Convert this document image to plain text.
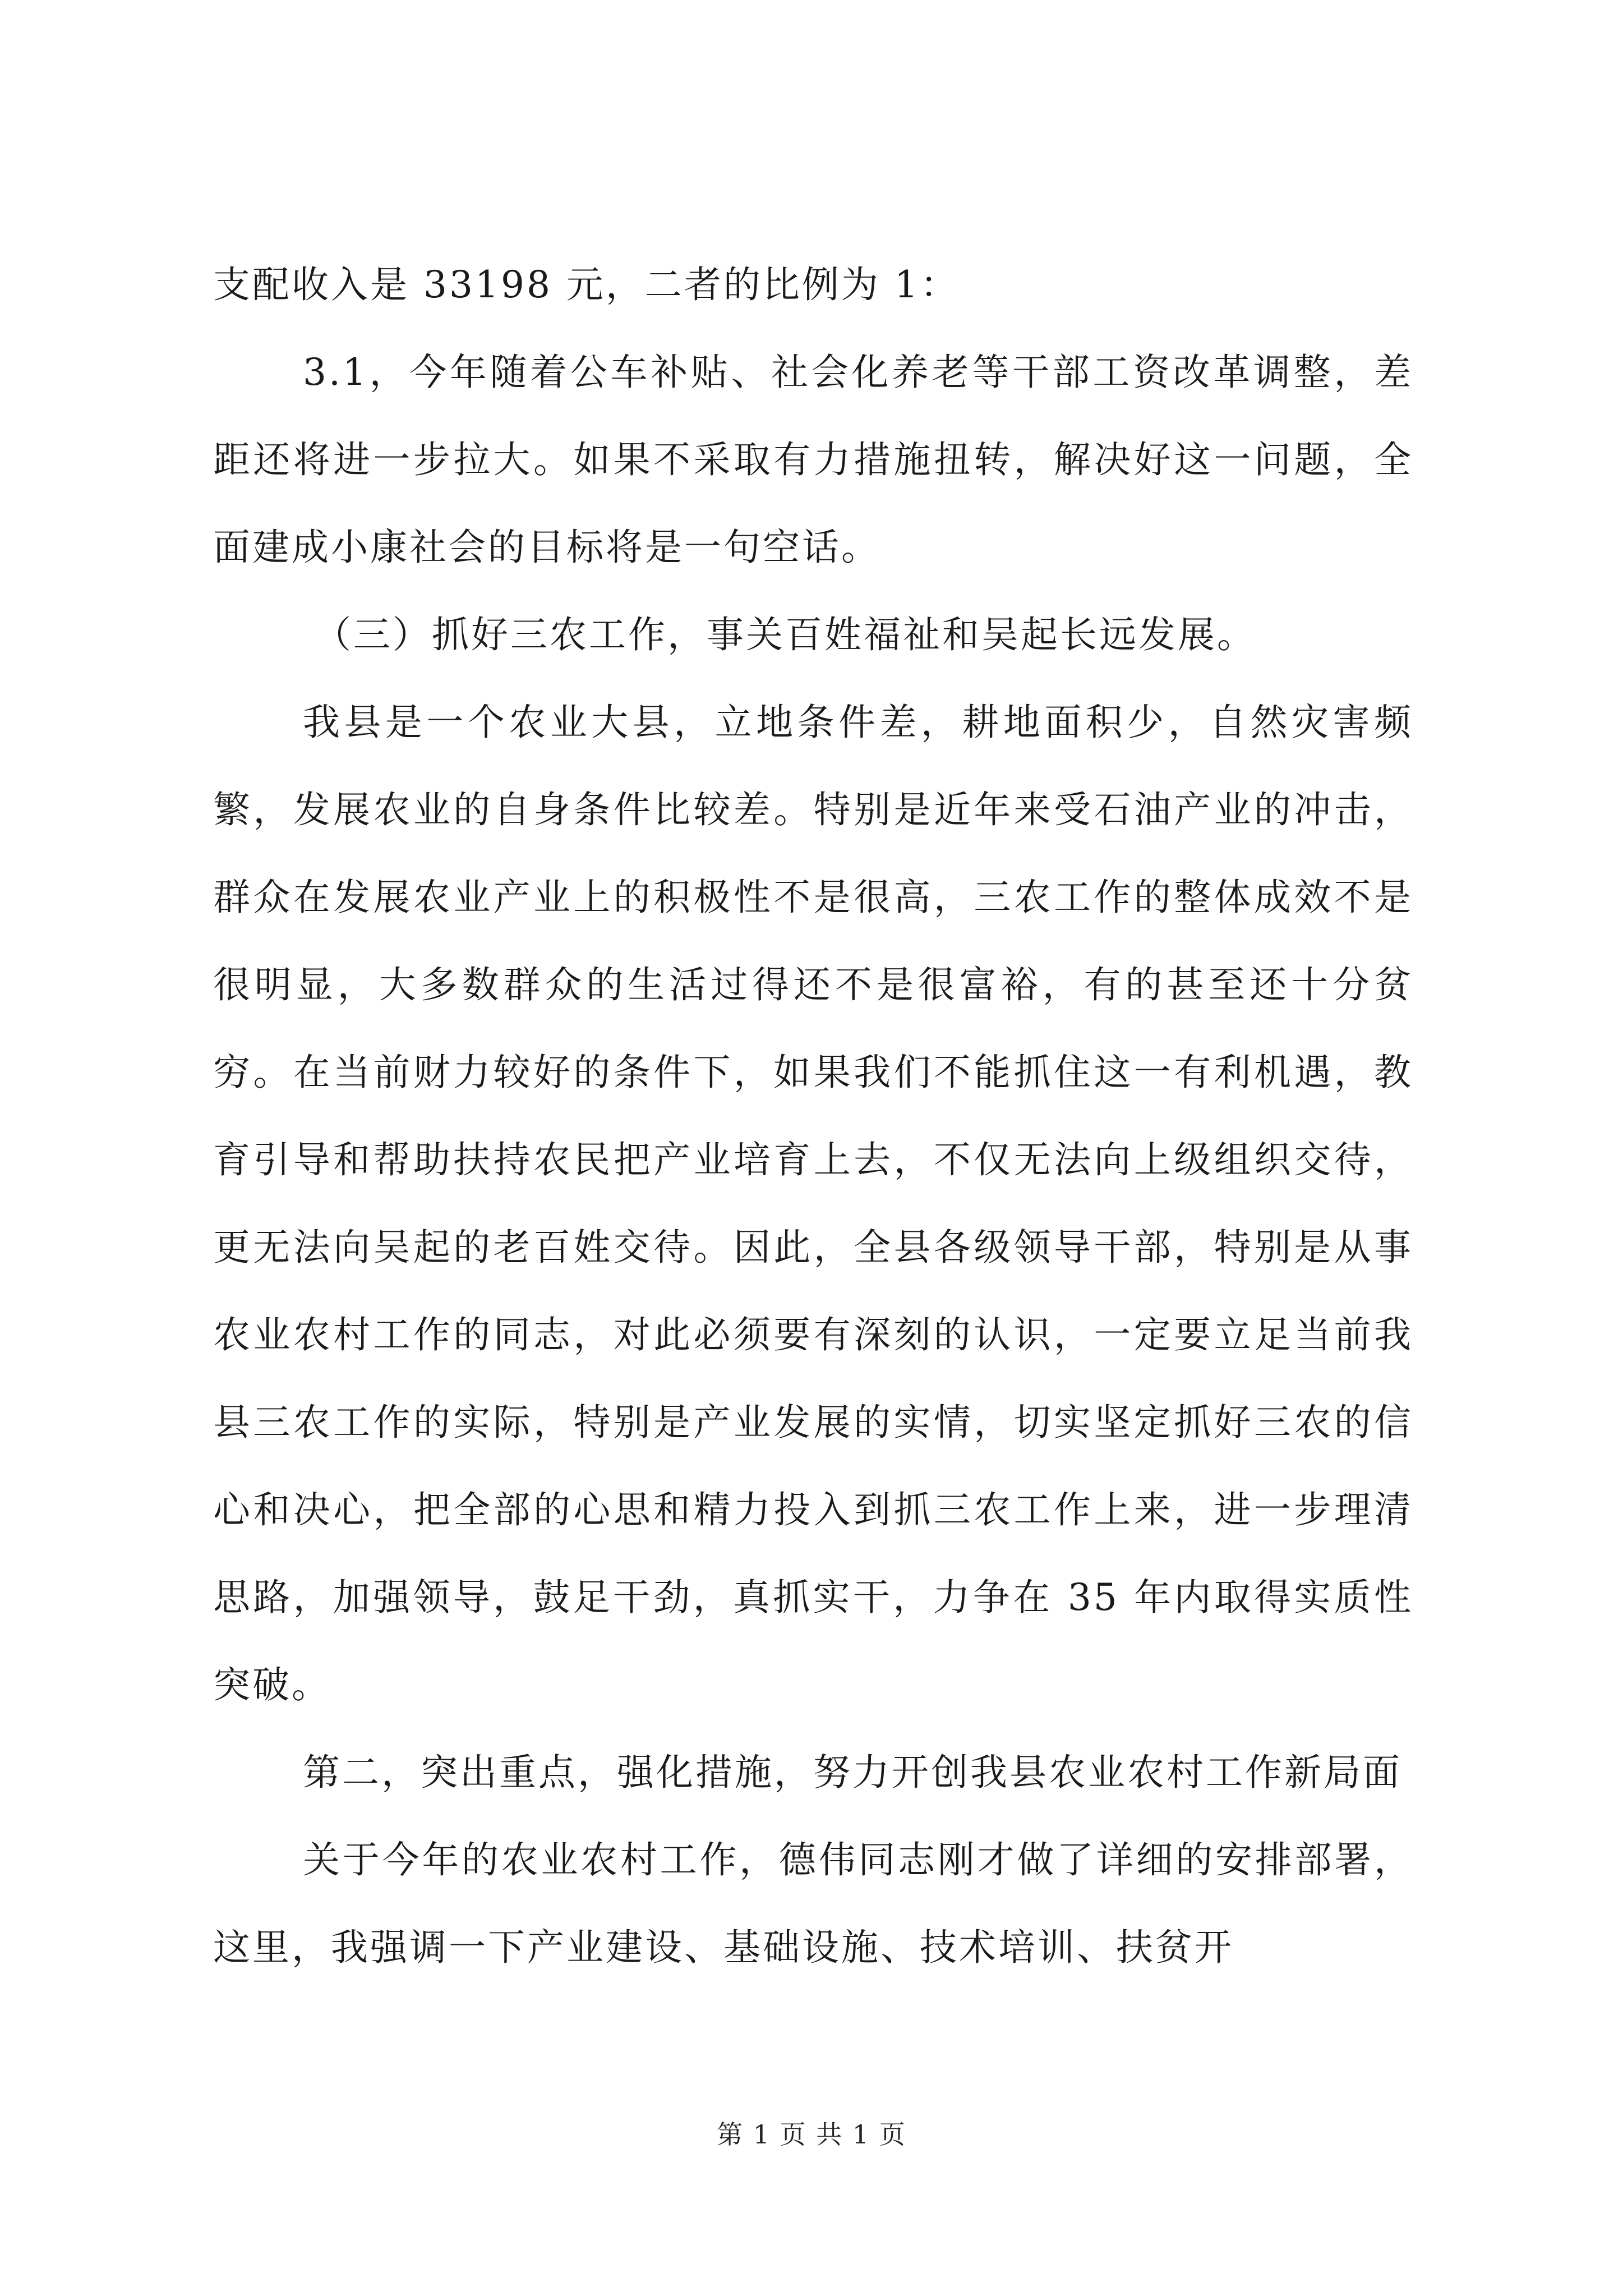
支配收入是 33198 元，二者的比例为 1：

3.1，今年随着公车补贴、社会化养老等干部工资改革调整，差距还将进一步拉大。如果不采取有力措施扭转，解决好这一问题，全面建成小康社会的目标将是一句空话。

（三）抓好三农工作，事关百姓福祉和吴起长远发展。

我县是一个农业大县，立地条件差，耕地面积少，自然灾害频繁，发展农业的自身条件比较差。特别是近年来受石油产业的冲击，群众在发展农业产业上的积极性不是很高，三农工作的整体成效不是很明显，大多数群众的生活过得还不是很富裕，有的甚至还十分贫穷。在当前财力较好的条件下，如果我们不能抓住这一有利机遇，教育引导和帮助扶持农民把产业培育上去，不仅无法向上级组织交待，更无法向吴起的老百姓交待。因此，全县各级领导干部，特别是从事农业农村工作的同志，对此必须要有深刻的认识，一定要立足当前我县三农工作的实际，特别是产业发展的实情，切实坚定抓好三农的信心和决心，把全部的心思和精力投入到抓三农工作上来，进一步理清思路，加强领导，鼓足干劲，真抓实干，力争在 35 年内取得实质性突破。

第二，突出重点，强化措施，努力开创我县农业农村工作新局面

关于今年的农业农村工作，德伟同志刚才做了详细的安排部署，这里，我强调一下产业建设、基础设施、技术培训、扶贫开

第 1 页 共 1 页
